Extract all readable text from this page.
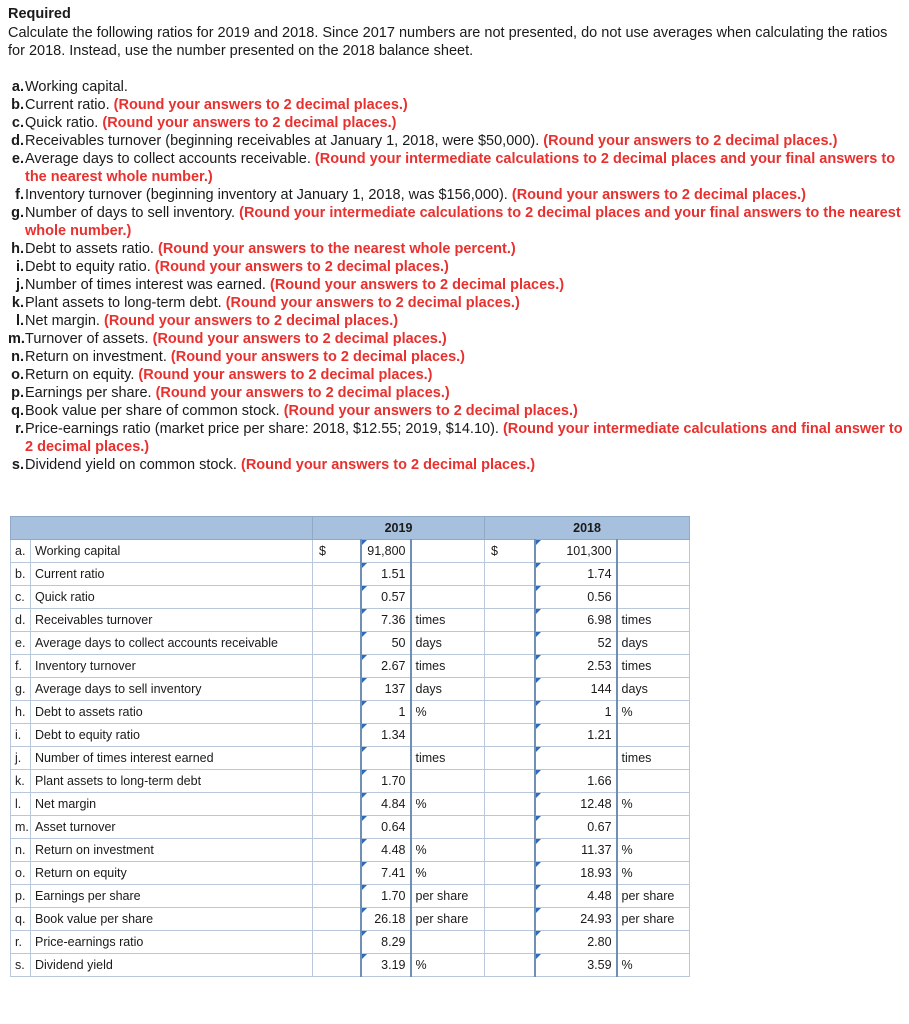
Required
Calculate the following ratios for 2019 and 2018. Since 2017 numbers are not presented, do not use averages when calculating the ratios for 2018. Instead, use the number presented on the 2018 balance sheet.
a. Working capital.
b. Current ratio. (Round your answers to 2 decimal places.)
c. Quick ratio. (Round your answers to 2 decimal places.)
d. Receivables turnover (beginning receivables at January 1, 2018, were $50,000). (Round your answers to 2 decimal places.)
e. Average days to collect accounts receivable. (Round your intermediate calculations to 2 decimal places and your final answers to the nearest whole number.)
f. Inventory turnover (beginning inventory at January 1, 2018, was $156,000). (Round your answers to 2 decimal places.)
g. Number of days to sell inventory. (Round your intermediate calculations to 2 decimal places and your final answers to the nearest whole number.)
h. Debt to assets ratio. (Round your answers to the nearest whole percent.)
i. Debt to equity ratio. (Round your answers to 2 decimal places.)
j. Number of times interest was earned. (Round your answers to 2 decimal places.)
k. Plant assets to long-term debt. (Round your answers to 2 decimal places.)
l. Net margin. (Round your answers to 2 decimal places.)
m. Turnover of assets. (Round your answers to 2 decimal places.)
n. Return on investment. (Round your answers to 2 decimal places.)
o. Return on equity. (Round your answers to 2 decimal places.)
p. Earnings per share. (Round your answers to 2 decimal places.)
q. Book value per share of common stock. (Round your answers to 2 decimal places.)
r. Price-earnings ratio (market price per share: 2018, $12.55; 2019, $14.10). (Round your intermediate calculations and final answer to 2 decimal places.)
s. Dividend yield on common stock. (Round your answers to 2 decimal places.)
		2019			2018		
a.	Working capital	$	91,800		$	101,300	
b.	Current ratio		1.51			1.74	
c.	Quick ratio		0.57			0.56	
d.	Receivables turnover		7.36	times		6.98	times
e.	Average days to collect accounts receivable		50	days		52	days
f.	Inventory turnover		2.67	times		2.53	times
g.	Average days to sell inventory		137	days		144	days
h.	Debt to assets ratio		1	%		1	%
i.	Debt to equity ratio		1.34			1.21	
j.	Number of times interest earned			times			times
k.	Plant assets to long-term debt		1.70			1.66	
l.	Net margin		4.84	%		12.48	%
m.	Asset turnover		0.64			0.67	
n.	Return on investment		4.48	%		11.37	%
o.	Return on equity		7.41	%		18.93	%
p.	Earnings per share		1.70	per share		4.48	per share
q.	Book value per share		26.18	per share		24.93	per share
r.	Price-earnings ratio		8.29			2.80	
s.	Dividend yield		3.19	%		3.59	%
